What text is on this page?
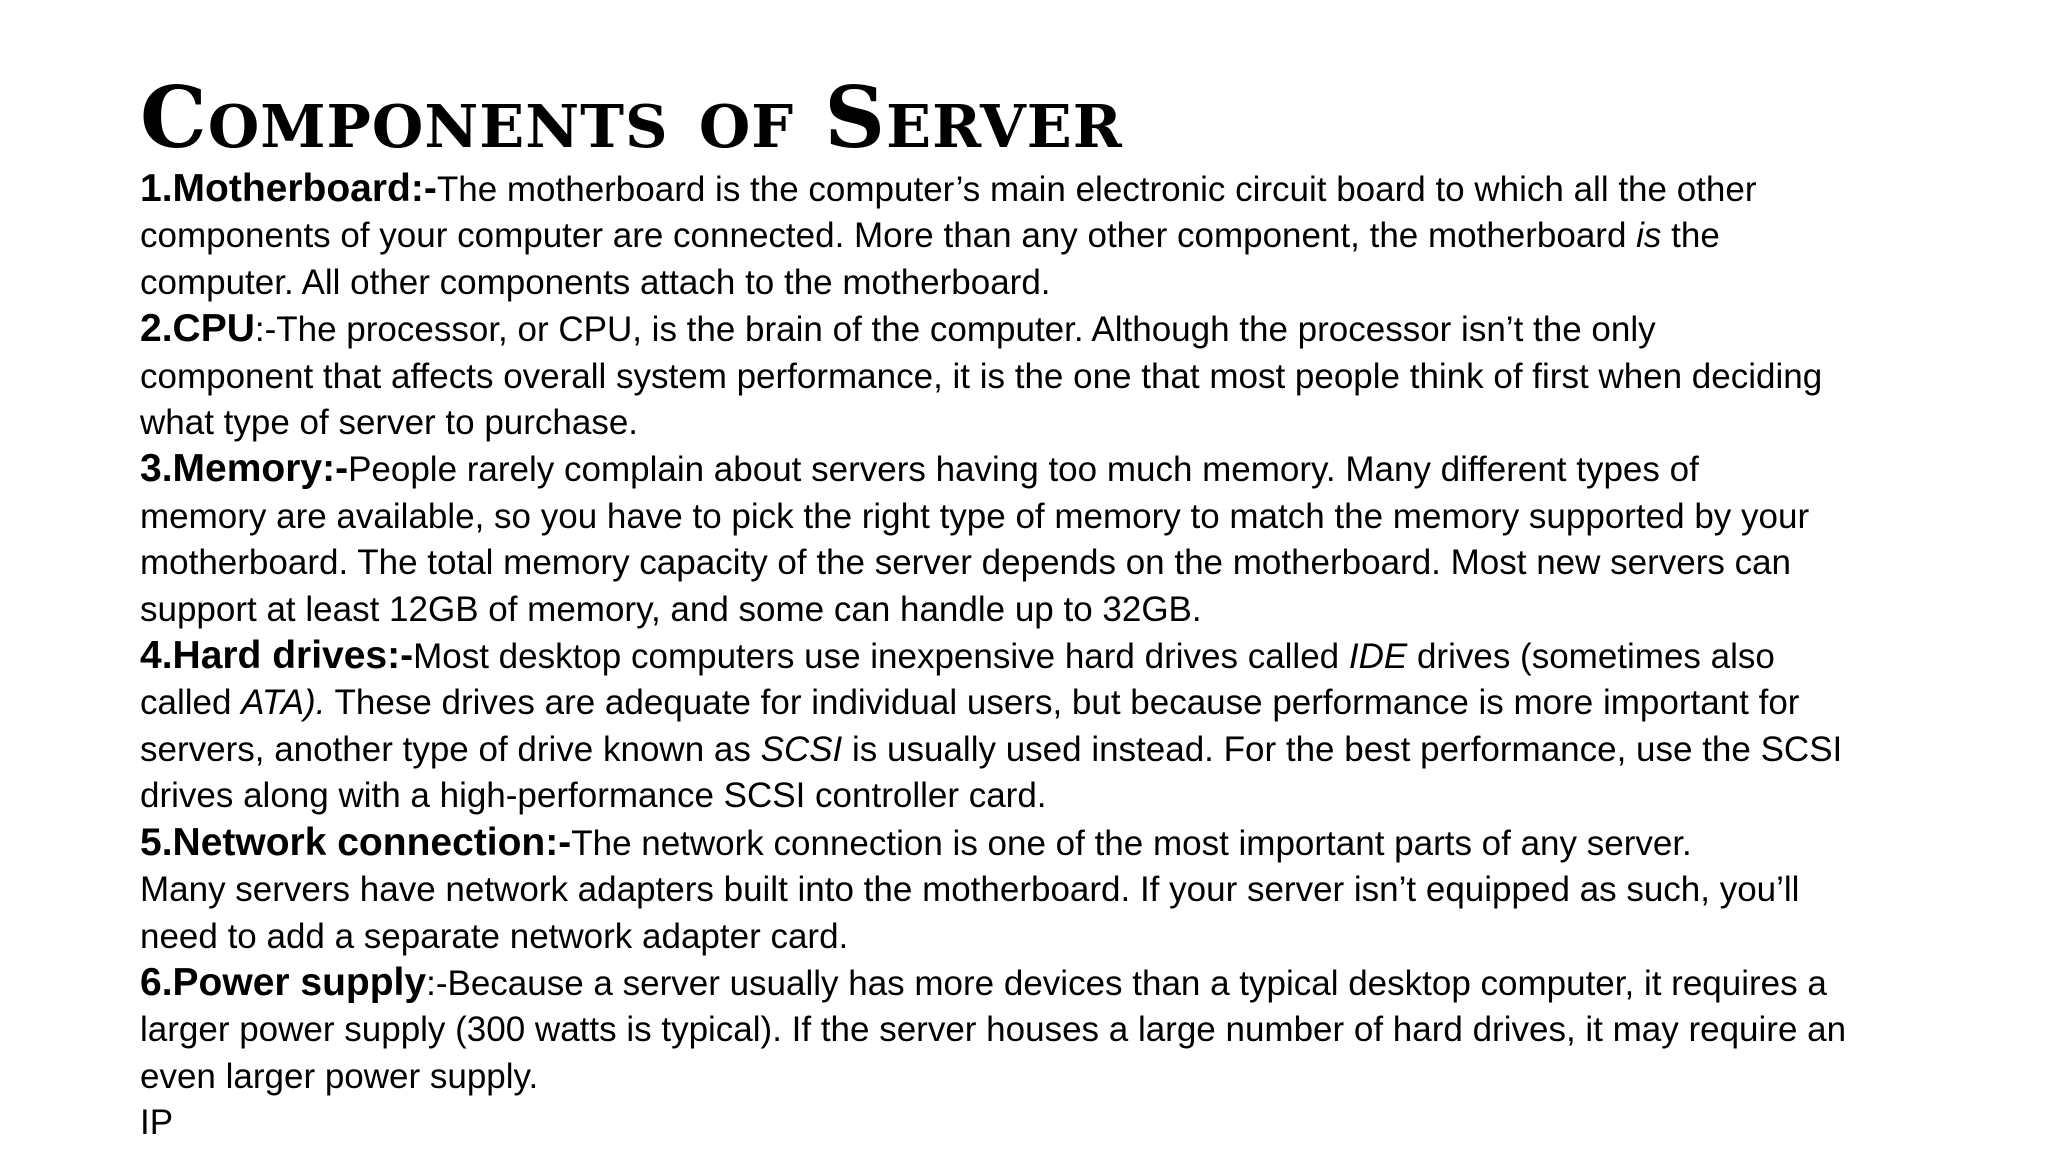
Components of Server

1.Motherboard:-The motherboard is the computer’s main electronic circuit board to which all the other
components of your computer are connected. More than any other component, the motherboard is the
computer. All other components attach to the motherboard.

2.CPU:-The processor, or CPU, is the brain of the computer. Although the processor isn’t the only
component that affects overall system performance, it is the one that most people think of first when deciding
what type of server to purchase.

3.Memory:-People rarely complain about servers having too much memory. Many different types of
memory are available, so you have to pick the right type of memory to match the memory supported by your
motherboard. The total memory capacity of the server depends on the motherboard. Most new servers can
support at least 12GB of memory, and some can handle up to 32GB.

4.Hard drives:-Most desktop computers use inexpensive hard drives called IDE drives (sometimes also
called ATA). These drives are adequate for individual users, but because performance is more important for
servers, another type of drive known as SCSI is usually used instead. For the best performance, use the SCSI
drives along with a high-performance SCSI controller card.

5.Network connection:-The network connection is one of the most important parts of any server.
Many servers have network adapters built into the motherboard. If your server isn’t equipped as such, you’ll
need to add a separate network adapter card.

6.Power supply:-Because a server usually has more devices than a typical desktop computer, it requires a
larger power supply (300 watts is typical). If the server houses a large number of hard drives, it may require an
even larger power supply.

IP
